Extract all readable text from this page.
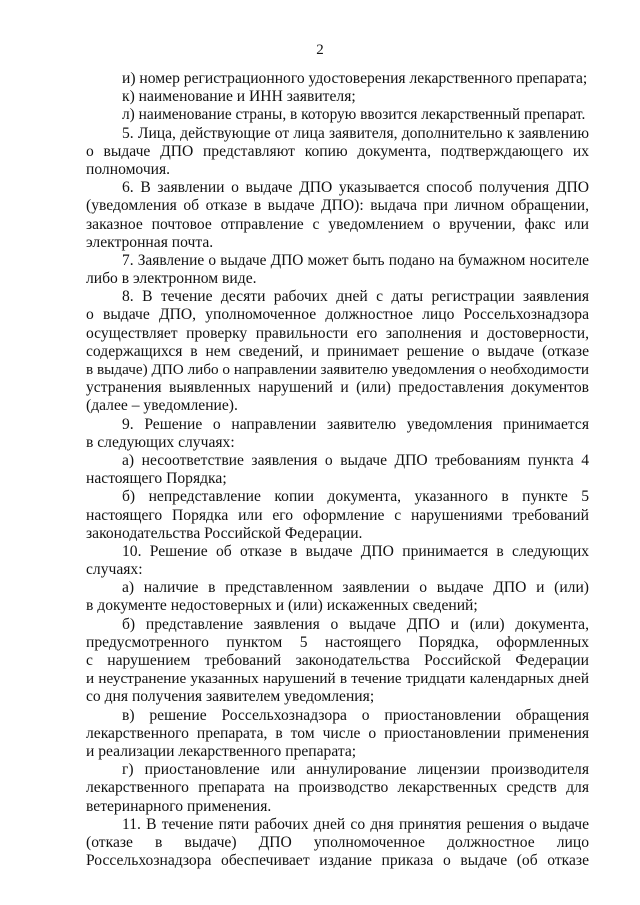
2
и) номер регистрационного удостоверения лекарственного препарата;
к) наименование и ИНН заявителя;
л) наименование страны, в которую ввозится лекарственный препарат.
5. Лица, действующие от лица заявителя, дополнительно к заявлению
о выдаче ДПО представляют копию документа, подтверждающего их
полномочия.
6. В заявлении о выдаче ДПО указывается способ получения ДПО
(уведомления об отказе в выдаче ДПО): выдача при личном обращении,
заказное почтовое отправление с уведомлением о вручении, факс или
электронная почта.
7. Заявление о выдаче ДПО может быть подано на бумажном носителе
либо в электронном виде.
8. В течение десяти рабочих дней с даты регистрации заявления
о выдаче ДПО, уполномоченное должностное лицо Россельхознадзора
осуществляет проверку правильности его заполнения и достоверности,
содержащихся в нем сведений, и принимает решение о выдаче (отказе
в выдаче) ДПО либо о направлении заявителю уведомления о необходимости
устранения выявленных нарушений и (или) предоставления документов
(далее – уведомление).
9. Решение о направлении заявителю уведомления принимается
в следующих случаях:
а) несоответствие заявления о выдаче ДПО требованиям пункта 4
настоящего Порядка;
б) непредставление копии документа, указанного в пункте 5
настоящего Порядка или его оформление с нарушениями требований
законодательства Российской Федерации.
10. Решение об отказе в выдаче ДПО принимается в следующих
случаях:
а) наличие в представленном заявлении о выдаче ДПО и (или)
в документе недостоверных и (или) искаженных сведений;
б) представление заявления о выдаче ДПО и (или) документа,
предусмотренного пунктом 5 настоящего Порядка, оформленных
с нарушением требований законодательства Российской Федерации
и неустранение указанных нарушений в течение тридцати календарных дней
со дня получения заявителем уведомления;
в) решение Россельхознадзора о приостановлении обращения
лекарственного препарата, в том числе о приостановлении применения
и реализации лекарственного препарата;
г) приостановление или аннулирование лицензии производителя
лекарственного препарата на производство лекарственных средств для
ветеринарного применения.
11. В течение пяти рабочих дней со дня принятия решения о выдаче
(отказе в выдаче) ДПО уполномоченное должностное лицо
Россельхознадзора обеспечивает издание приказа о выдаче (об отказе
